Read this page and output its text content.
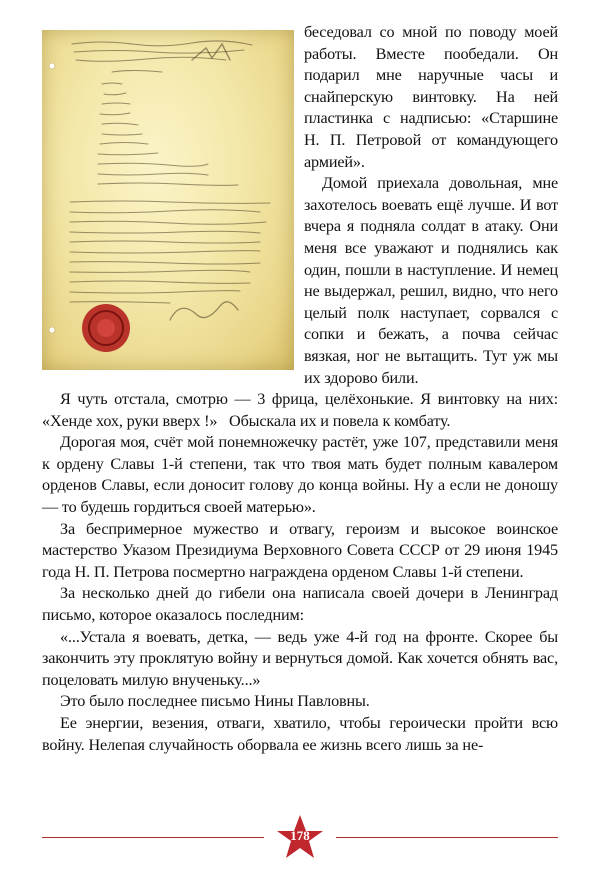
беседовал со мной по поводу моей работы. Вместе пообедали. Он подарил мне наручные часы и снайперскую винтовку. На ней пластинка с надписью: «Старшине Н. П. Петровой от командующего армией».

Домой приехала довольная, мне захотелось воевать ещё лучше. И вот вчера я подняла солдат в атаку. Они меня все уважают и поднялись как один, пошли в наступление. И немец не выдержал, решил, видно, что него целый полк наступает, сорвался с сопки и бежать, а почва сейчас вязкая, ног не вытащить. Тут уж мы их здорово били.

Я чуть отстала, смотрю — 3 фрица, целёхонькие. Я винтовку на них: «Хенде хох, руки вверх !»   Обыскала их и повела к комбату.

Дорогая моя, счёт мой понемножечку растёт, уже 107, представили меня к ордену Славы 1-й степени, так что твоя мать будет полным кавалером орденов Славы, если доносит голову до конца войны. Ну а если не доношу — то будешь гордиться своей матерью».

За беспримерное мужество и отвагу, героизм и высокое воинское мастерство Указом Президиума Верховного Совета СССР от 29 июня 1945 года Н. П. Петрова посмертно награждена орденом Славы 1-й степени.

За несколько дней до гибели она написала своей дочери в Ленинград письмо, которое оказалось последним:

«...Устала я воевать, детка, — ведь уже 4-й год на фронте. Скорее бы закончить эту проклятую войну и вернуться домой. Как хочется обнять вас, поцеловать милую внученьку...»

Это было последнее письмо Нины Павловны.

Ее энергии, везения, отваги, хватило, чтобы героически пройти всю войну. Нелепая случайность оборвала ее жизнь всего лишь за не-

178
